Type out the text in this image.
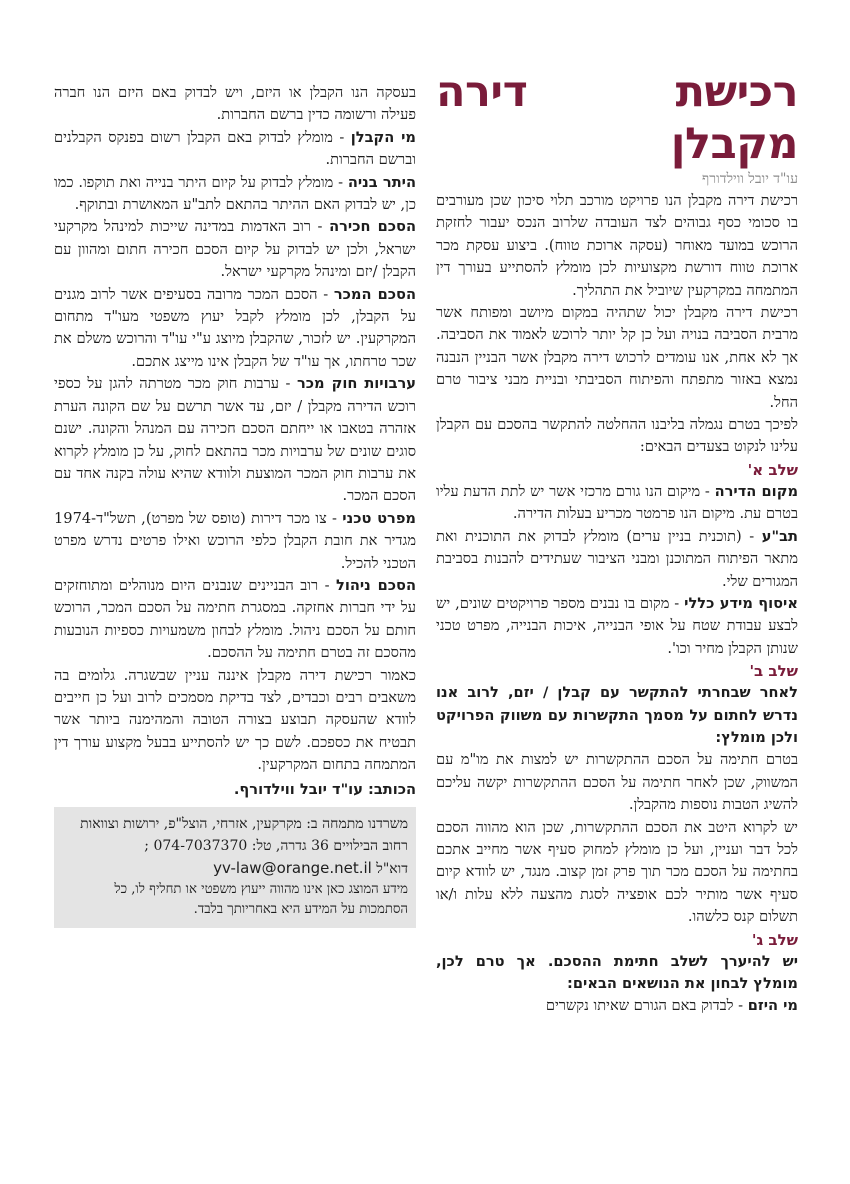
רכישת דירה מקבלן
עו"ד יובל ווילדורף

רכישת דירה מקבלן הנו פרויקט מורכב תלוי סיכון שכן מעורבים בו סכומי כסף גבוהים לצד העובדה שלרוב הנכס יעבור לחזקת הרוכש במועד מאוחר (עסקה ארוכת טווח). ביצוע עסקת מכר ארוכת טווח דורשת מקצועיות לכן מומלץ להסתייע בעורך דין המתמחה במקרקעין שיוביל את התהליך.

רכישת דירה מקבלן יכול שתהיה במקום מיושב ומפותח אשר מרבית הסביבה בנויה ועל כן קל יותר לרוכש לאמוד את הסביבה. אך לא אחת, אנו עומדים לרכוש דירה מקבלן אשר הבניין הנבנה נמצא באזור מתפתח והפיתוח הסביבתי ובניית מבני ציבור טרם החל.

לפיכך בטרם נגמלה בליבנו ההחלטה להתקשר בהסכם עם הקבלן עלינו לנקוט בצעדים הבאים:

שלב א'

מקום הדירה - מיקום הנו גורם מרכזי אשר יש לתת הדעת עליו בטרם עת. מיקום הנו פרמטר מכריע בעלות הדירה.

תב"ע - (תוכנית בניין ערים) מומלץ לבדוק את התוכנית ואת מתאר הפיתוח המתוכנן ומבני הציבור שעתידים להבנות בסביבת המגורים שלי.

איסוף מידע כללי - מקום בו נבנים מספר פרויקטים שונים, יש לבצע עבודת שטח על אופי הבנייה, איכות הבנייה, מפרט טכני שנותן הקבלן מחיר וכו'.

שלב ב'

לאחר שבחרתי להתקשר עם קבלן / יזם, לרוב אנו נדרש לחתום על מסמך התקשרות עם משווק הפרויקט ולכן מומלץ:

בטרם חתימה על הסכם ההתקשרות יש למצות את מו"מ עם המשווק, שכן לאחר חתימה על הסכם ההתקשרות יקשה עליכם להשיג הטבות נוספות מהקבלן.

יש לקרוא היטב את הסכם ההתקשרות, שכן הוא מהווה הסכם לכל דבר ועניין, ועל כן מומלץ למחוק סעיף אשר מחייב אתכם בחתימה על הסכם מכר תוך פרק זמן קצוב. מנגד, יש לוודא קיום סעיף אשר מותיר לכם אופציה לסגת מהצעה ללא עלות ו/או תשלום קנס כלשהו.

שלב ג'

יש להיערך לשלב חתימת ההסכם. אך טרם לכן, מומלץ לבחון את הנושאים הבאים:

מי היזם - לבדוק באם הגורם שאיתו נקשרים

בעסקה הנו הקבלן או היזם, ויש לבדוק באם היזם הנו חברה פעילה ורשומה כדין ברשם החברות.

מי הקבלן - מומלץ לבדוק באם הקבלן רשום בפנקס הקבלנים וברשם החברות.

היתר בניה - מומלץ לבדוק על קיום היתר בנייה ואת תוקפו. כמו כן, יש לבדוק האם ההיתר בהתאם לתב"ע המאושרת ובתוקף.

הסכם חכירה - רוב האדמות במדינה שייכות למינהל מקרקעי ישראל, ולכן יש לבדוק על קיום הסכם חכירה חתום ומהוון עם הקבלן /יזם ומינהל מקרקעי ישראל.

הסכם המכר - הסכם המכר מרובה בסעיפים אשר לרוב מגנים על הקבלן, לכן מומלץ לקבל יעוץ משפטי מעו"ד מתחום המקרקעין. יש לזכור, שהקבלן מיוצג ע"י עו"ד והרוכש משלם את שכר טרחתו, אך עו"ד של הקבלן אינו מייצג אתכם.

ערבויות חוק מכר - ערבות חוק מכר מטרתה להגן על כספי רוכש הדירה מקבלן / יזם, עד אשר תרשם על שם הקונה הערת אזהרה בטאבו או ייחתם הסכם חכירה עם המנהל והקונה. ישנם סוגים שונים של ערבויות מכר בהתאם לחוק, על כן מומלץ לקרוא את ערבות חוק המכר המוצעת ולוודא שהיא עולה בקנה אחד עם הסכם המכר.

מפרט טכני - צו מכר דירות (טופס של מפרט), תשל"ד-1974 מגדיר את חובת הקבלן כלפי הרוכש ואילו פרטים נדרש מפרט הטכני להכיל.

הסכם ניהול - רוב הבניינים שנבנים היום מנוהלים ומתוחזקים על ידי חברות אחזקה. במסגרת חתימה על הסכם המכר, הרוכש חותם על הסכם ניהול. מומלץ לבחון משמעויות כספיות הנובעות מהסכם זה בטרם חתימה על ההסכם.

כאמור רכישת דירה מקבלן איננה עניין שבשגרה. גלומים בה משאבים רבים וכבדים, לצד בדיקת מסמכים לרוב ועל כן חייבים לוודא שהעסקה תבוצע בצורה הטובה והמהימנה ביותר אשר תבטיח את כספכם. לשם כך יש להסתייע בבעל מקצוע עורך דין המתמחה בתחום המקרקעין.

הכותב: עו"ד יובל ווילדורף.

משרדנו מתמחה ב: מקרקעין, אזרחי, הוצל"פ, ירושות וצוואות
רחוב הבילויים 36 גדרה, טל: 074-7037370 ;
דוא"ל yv-law@orange.net.il
מידע המוצג כאן אינו מהווה ייעוץ משפטי או תחליף לו, כל הסתמכות על המידע היא באחריותך בלבד.
